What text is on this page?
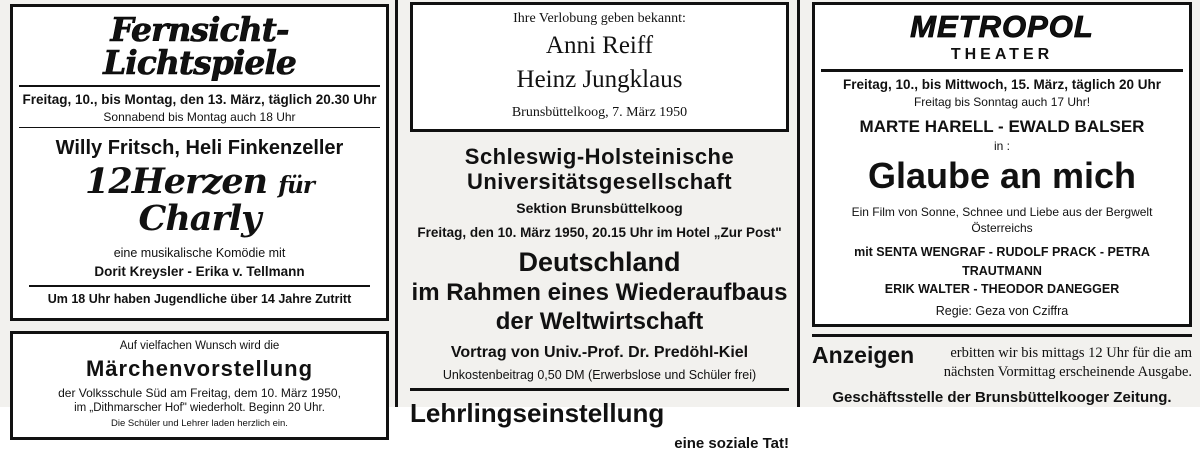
Fernsicht-Lichtspiele
Freitag, 10., bis Montag, den 13. März, täglich 20.30 Uhr
Sonnabend bis Montag auch 18 Uhr
Willy Fritsch, Heli Finkenzeller
12Herzen für Charly
eine musikalische Komödie mit
Dorit Kreysler - Erika v. Tellmann
Um 18 Uhr haben Jugendliche über 14 Jahre Zutritt
Auf vielfachen Wunsch wird die
Märchenvorstellung
der Volksschule Süd am Freitag, dem 10. März 1950,
im „Dithmarscher Hof" wiederholt. Beginn 20 Uhr.
Die Schüler und Lehrer laden herzlich ein.
Ihre Verlobung geben bekannt:
Anni Reiff
Heinz Jungklaus
Brunsbüttelkoog, 7. März 1950
Schleswig-Holsteinische
Universitätsgesellschaft
Sektion Brunsbüttelkoog
Freitag, den 10. März 1950, 20.15 Uhr im Hotel „Zur Post"
Deutschland
im Rahmen eines Wiederaufbaus
der Weltwirtschaft
Vortrag von Univ.-Prof. Dr. Predöhl-Kiel
Unkostenbeitrag 0,50 DM (Erwerbslose und Schüler frei)
Lehrlingseinstellung
eine soziale Tat!
METROPOL
THEATER
Freitag, 10., bis Mittwoch, 15. März, täglich 20 Uhr
Freitag bis Sonntag auch 17 Uhr!
MARTE HARELL - EWALD BALSER
in :
Glaube an mich
Ein Film von Sonne, Schnee und Liebe aus der Bergwelt
Österreichs
mit SENTA WENGRAF - RUDOLF PRACK - PETRA TRAUTMANN
ERIK WALTER - THEODOR DANEGGER
Regie: Geza von Cziffra
Anzeigen	erbitten wir bis mittags 12 Uhr für die am
nächsten Vormittag erscheinende Ausgabe.
Geschäftsstelle der Brunsbüttelkooger Zeitung.
